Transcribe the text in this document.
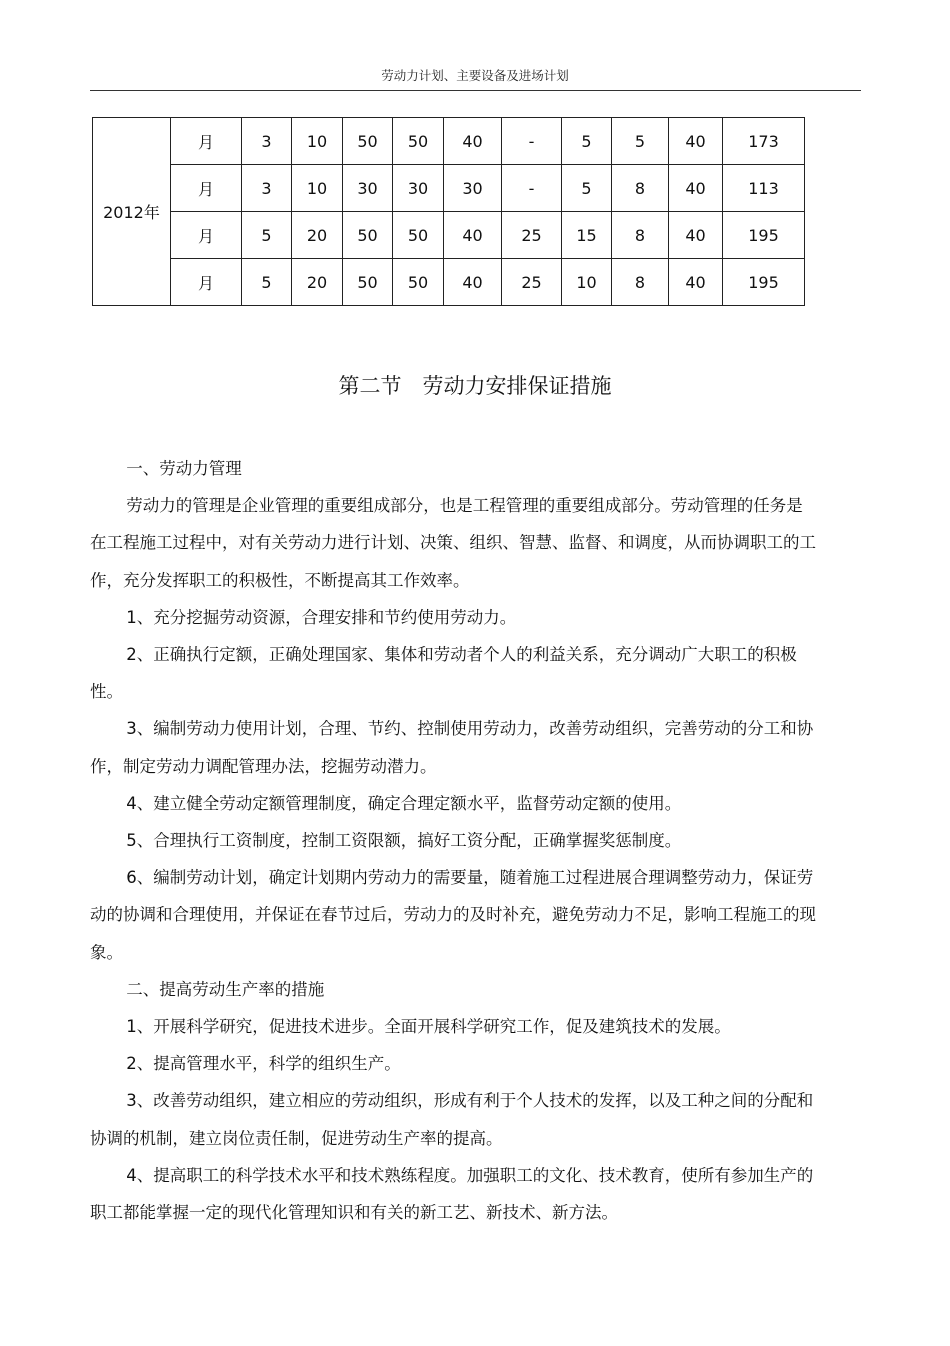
劳动力计划、主要设备及进场计划
2012年	月	3	10	50	50	40	-	5	5	40	173
	月	3	10	30	30	30	-	5	8	40	113
	月	5	20	50	50	40	25	15	8	40	195
	月	5	20	50	50	40	25	10	8	40	195
第二节　劳动力安排保证措施

一、劳动力管理

劳动力的管理是企业管理的重要组成部分，也是工程管理的重要组成部分。劳动管理的任务是在工程施工过程中，对有关劳动力进行计划、决策、组织、智慧、监督、和调度，从而协调职工的工作，充分发挥职工的积极性，不断提高其工作效率。

1、充分挖掘劳动资源，合理安排和节约使用劳动力。

2、正确执行定额，正确处理国家、集体和劳动者个人的利益关系，充分调动广大职工的积极性。

3、编制劳动力使用计划，合理、节约、控制使用劳动力，改善劳动组织，完善劳动的分工和协作，制定劳动力调配管理办法，挖掘劳动潜力。

4、建立健全劳动定额管理制度，确定合理定额水平，监督劳动定额的使用。

5、合理执行工资制度，控制工资限额，搞好工资分配，正确掌握奖惩制度。

6、编制劳动计划，确定计划期内劳动力的需要量，随着施工过程进展合理调整劳动力，保证劳动的协调和合理使用，并保证在春节过后，劳动力的及时补充，避免劳动力不足，影响工程施工的现象。

二、提高劳动生产率的措施

1、开展科学研究，促进技术进步。全面开展科学研究工作，促及建筑技术的发展。

2、提高管理水平，科学的组织生产。

3、改善劳动组织，建立相应的劳动组织，形成有利于个人技术的发挥，以及工种之间的分配和协调的机制，建立岗位责任制，促进劳动生产率的提高。

4、提高职工的科学技术水平和技术熟练程度。加强职工的文化、技术教育，使所有参加生产的职工都能掌握一定的现代化管理知识和有关的新工艺、新技术、新方法。
